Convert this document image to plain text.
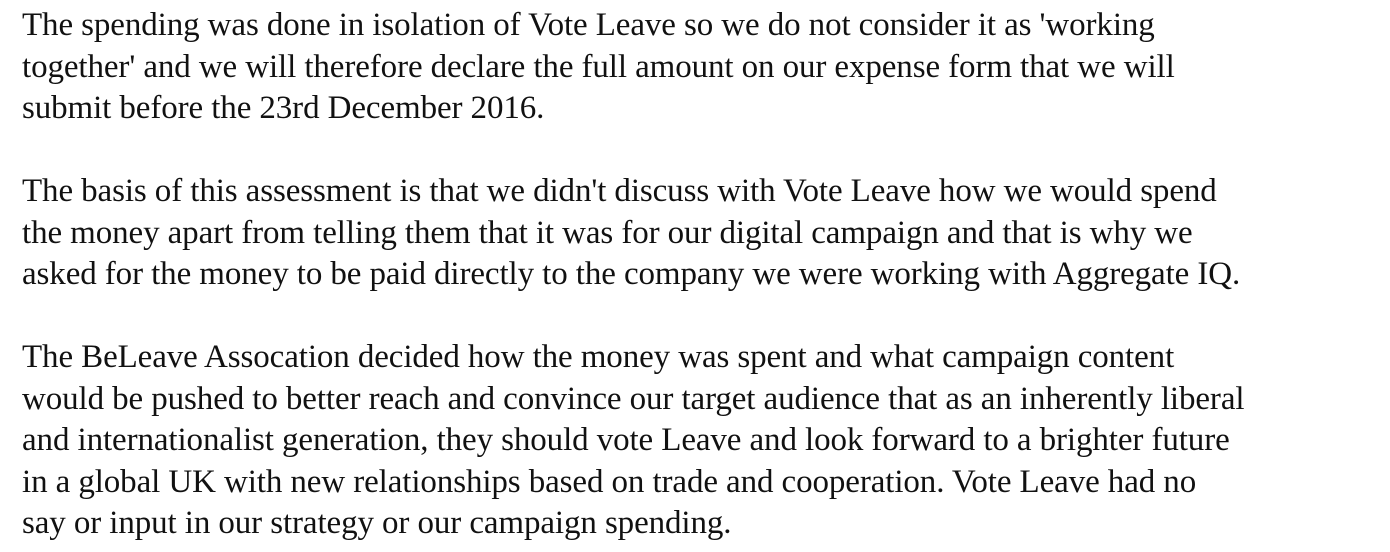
The spending was done in isolation of Vote Leave so we do not consider it as 'working
together' and we will therefore declare the full amount on our expense form that we will
submit before the 23rd December 2016.
The basis of this assessment is that we didn't discuss with Vote Leave how we would spend
the money apart from telling them that it was for our digital campaign and that is why we
asked for the money to be paid directly to the company we were working with Aggregate IQ.
The BeLeave Assocation decided how the money was spent and what campaign content
would be pushed to better reach and convince our target audience that as an inherently liberal
and internationalist generation, they should vote Leave and look forward to a brighter future
in a global UK with new relationships based on trade and cooperation. Vote Leave had no
say or input in our strategy or our campaign spending.
